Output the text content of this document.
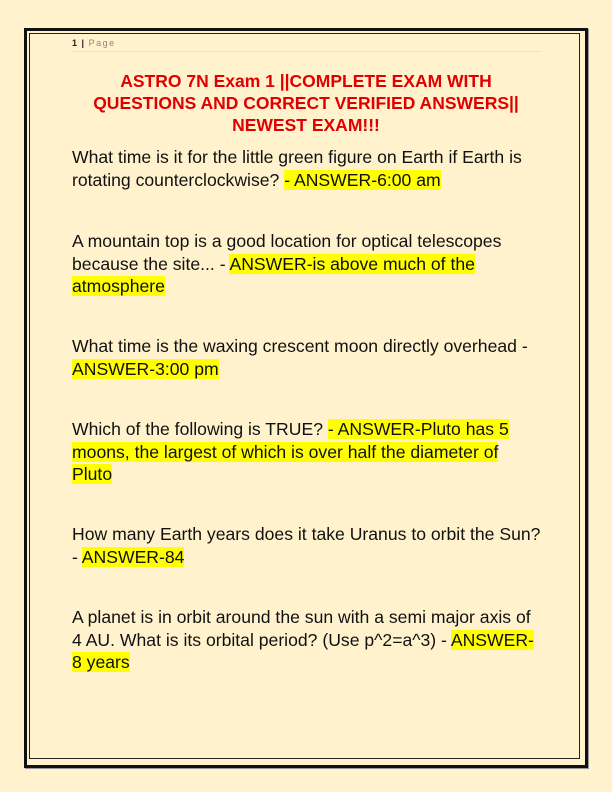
1 | Page
ASTRO 7N Exam 1 ||COMPLETE EXAM WITH QUESTIONS AND CORRECT VERIFIED ANSWERS|| NEWEST EXAM!!!
What time is it for the little green figure on Earth if Earth is rotating counterclockwise? - ANSWER-6:00 am
A mountain top is a good location for optical telescopes because the site... - ANSWER-is above much of the atmosphere
What time is the waxing crescent moon directly overhead - ANSWER-3:00 pm
Which of the following is TRUE? - ANSWER-Pluto has 5 moons, the largest of which is over half the diameter of Pluto
How many Earth years does it take Uranus to orbit the Sun? - ANSWER-84
A planet is in orbit around the sun with a semi major axis of 4 AU. What is its orbital period? (Use p^2=a^3) - ANSWER-8 years
